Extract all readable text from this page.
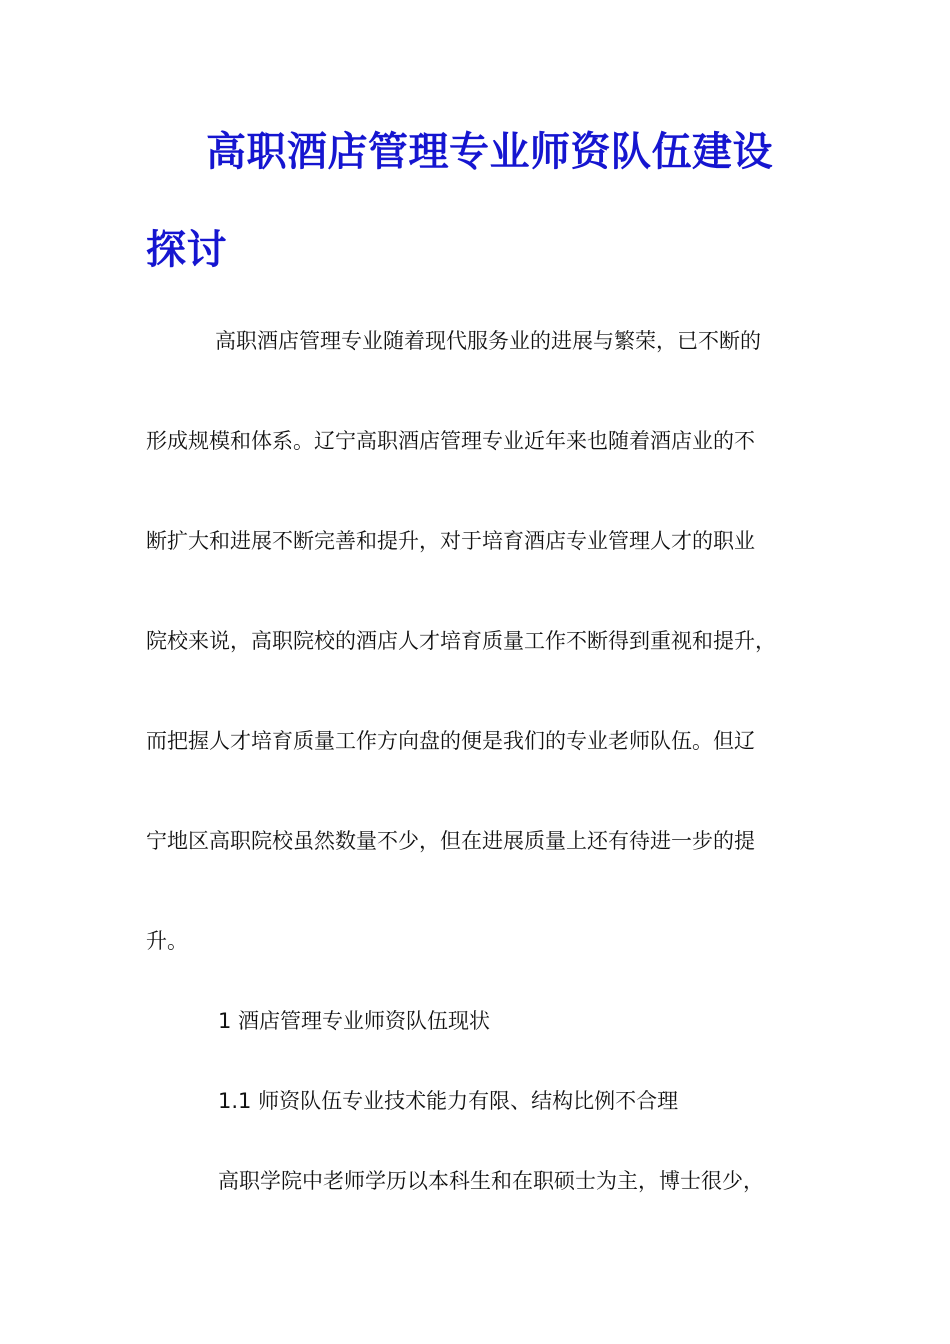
高职酒店管理专业师资队伍建设
探讨

高职酒店管理专业随着现代服务业的进展与繁荣，已不断的

形成规模和体系。辽宁高职酒店管理专业近年来也随着酒店业的不

断扩大和进展不断完善和提升，对于培育酒店专业管理人才的职业

院校来说，高职院校的酒店人才培育质量工作不断得到重视和提升，

而把握人才培育质量工作方向盘的便是我们的专业老师队伍。但辽

宁地区高职院校虽然数量不少，但在进展质量上还有待进一步的提

升。

1 酒店管理专业师资队伍现状

1.1 师资队伍专业技术能力有限、结构比例不合理

高职学院中老师学历以本科生和在职硕士为主，博士很少，
